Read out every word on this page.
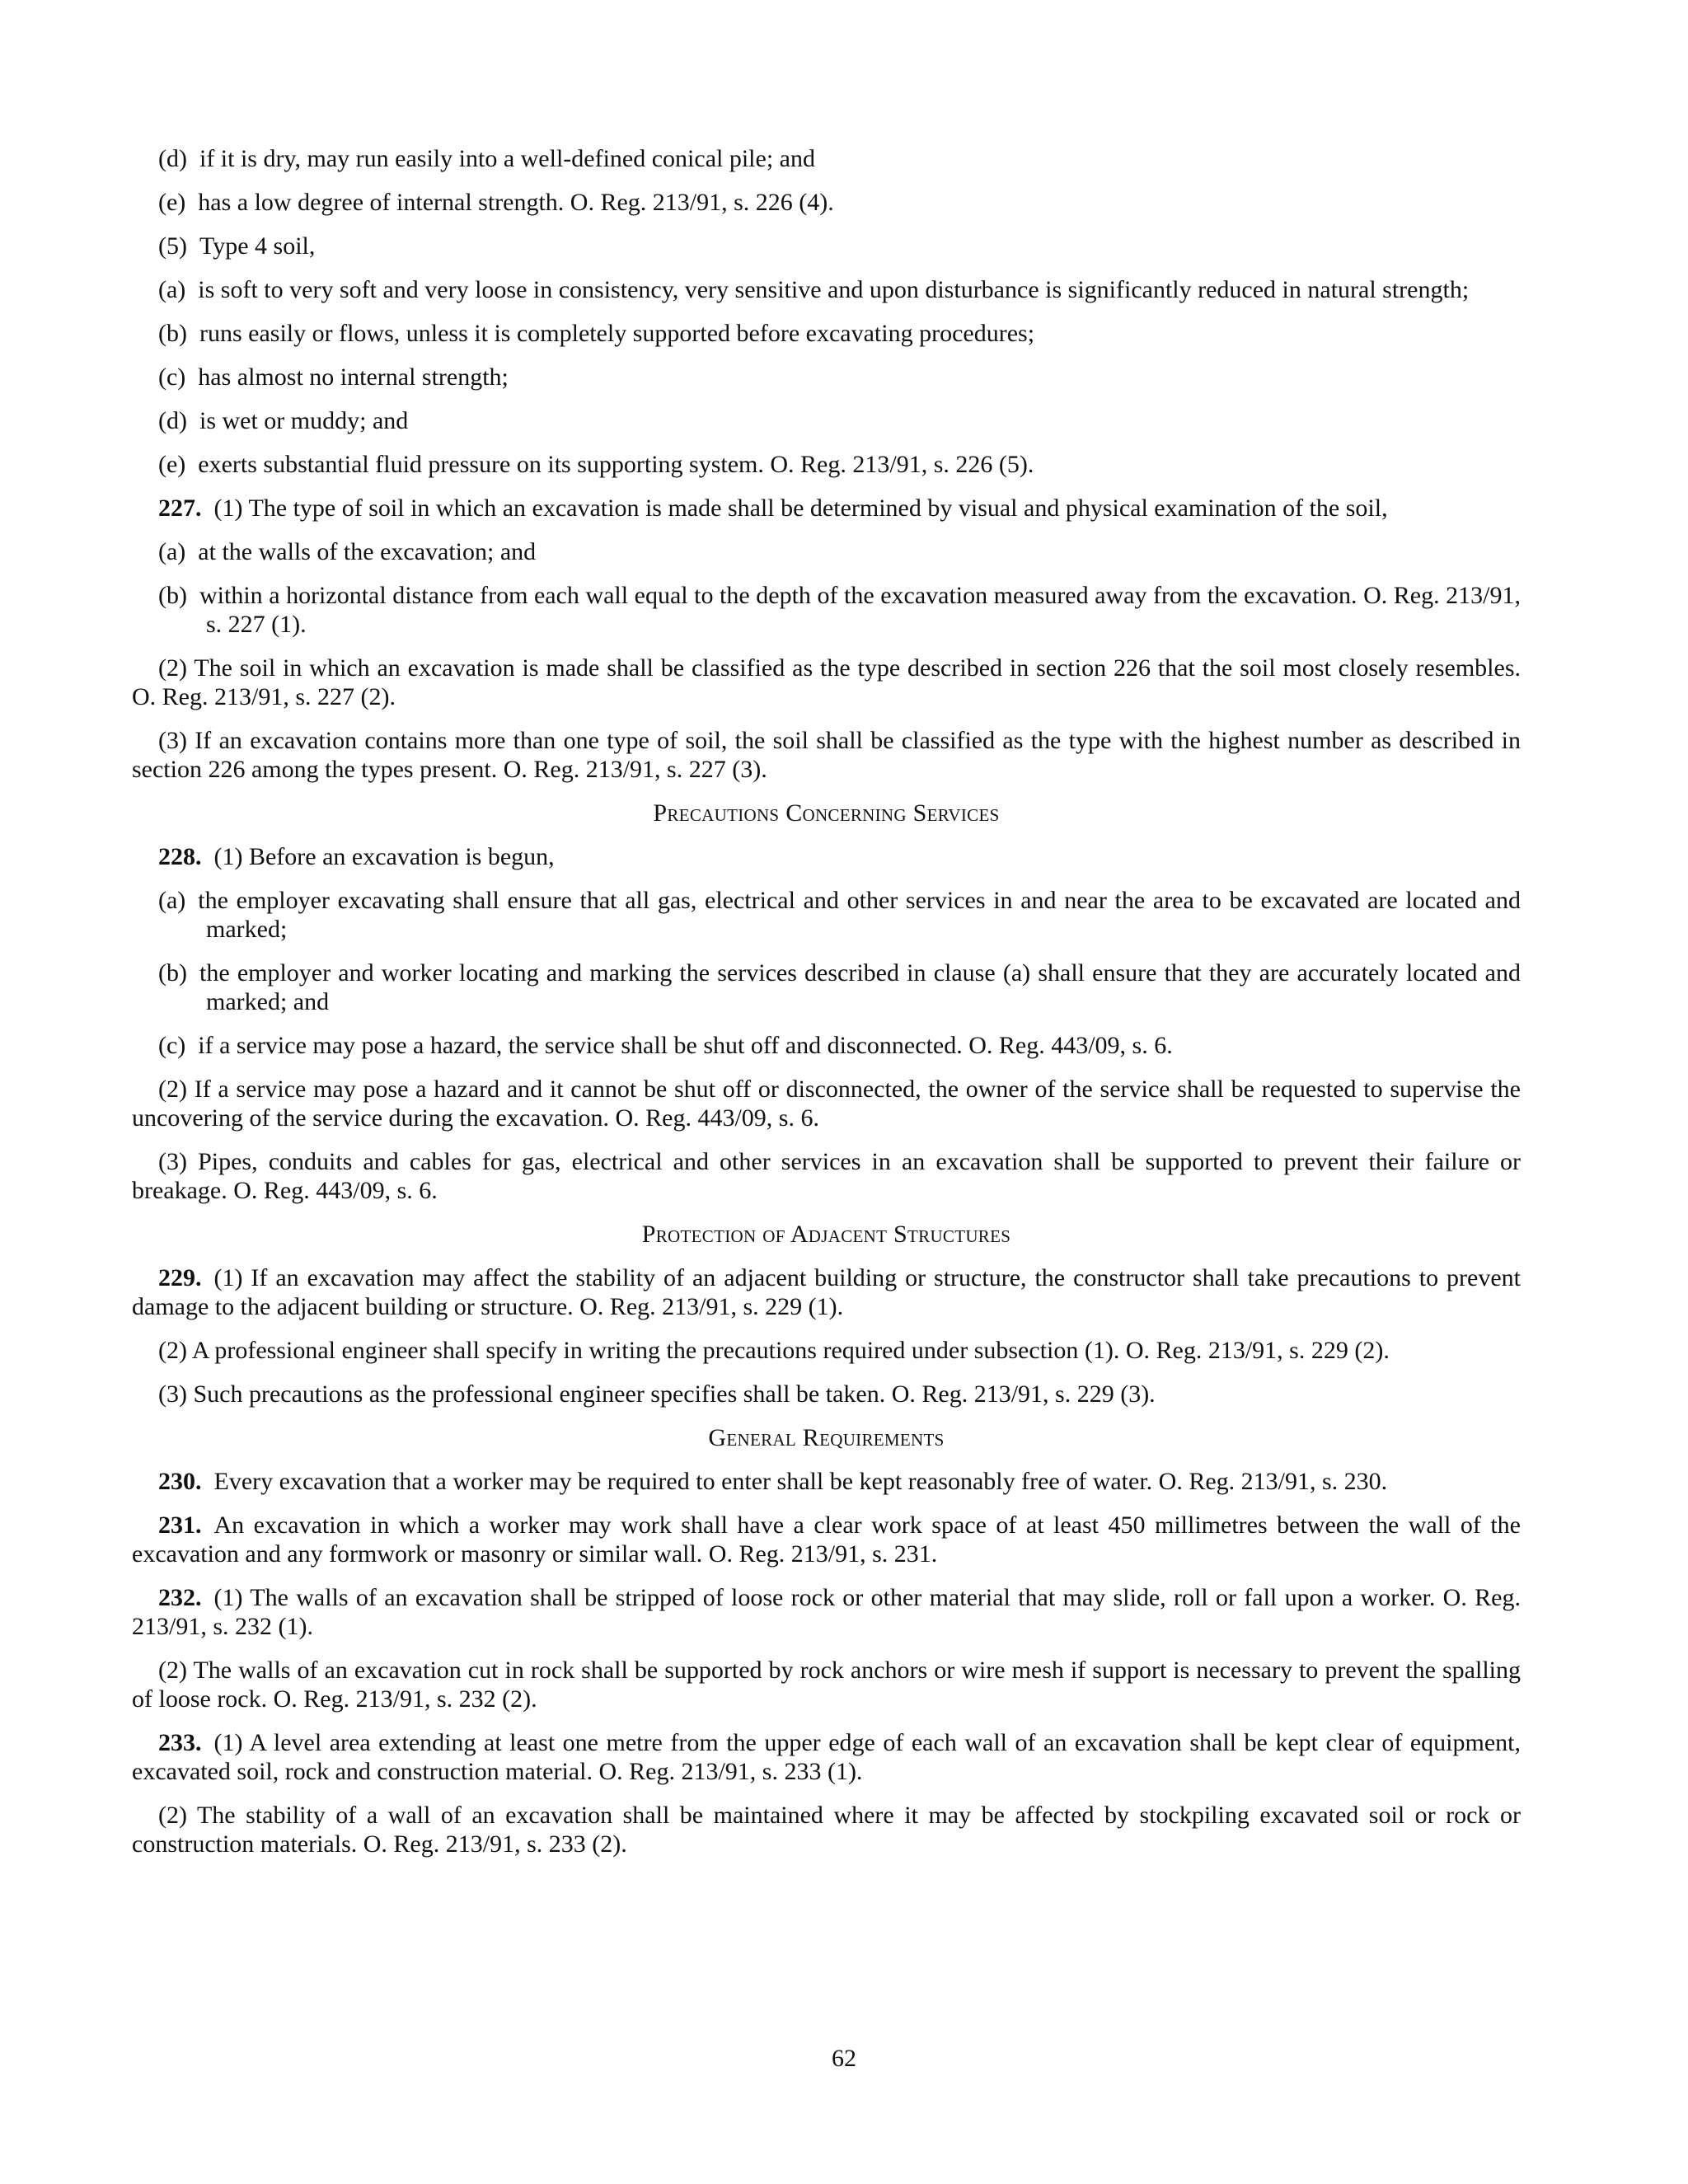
(d) if it is dry, may run easily into a well-defined conical pile; and

(e) has a low degree of internal strength. O. Reg. 213/91, s. 226 (4).

(5) Type 4 soil,

(a) is soft to very soft and very loose in consistency, very sensitive and upon disturbance is significantly reduced in natural strength;

(b) runs easily or flows, unless it is completely supported before excavating procedures;

(c) has almost no internal strength;

(d) is wet or muddy; and

(e) exerts substantial fluid pressure on its supporting system. O. Reg. 213/91, s. 226 (5).

227.  (1) The type of soil in which an excavation is made shall be determined by visual and physical examination of the soil,

(a) at the walls of the excavation; and

(b) within a horizontal distance from each wall equal to the depth of the excavation measured away from the excavation. O. Reg. 213/91, s. 227 (1).

(2) The soil in which an excavation is made shall be classified as the type described in section 226 that the soil most closely resembles. O. Reg. 213/91, s. 227 (2).

(3) If an excavation contains more than one type of soil, the soil shall be classified as the type with the highest number as described in section 226 among the types present. O. Reg. 213/91, s. 227 (3).

Precautions Concerning Services

228.  (1) Before an excavation is begun,

(a) the employer excavating shall ensure that all gas, electrical and other services in and near the area to be excavated are located and marked;

(b) the employer and worker locating and marking the services described in clause (a) shall ensure that they are accurately located and marked; and

(c) if a service may pose a hazard, the service shall be shut off and disconnected. O. Reg. 443/09, s. 6.

(2) If a service may pose a hazard and it cannot be shut off or disconnected, the owner of the service shall be requested to supervise the uncovering of the service during the excavation. O. Reg. 443/09, s. 6.

(3) Pipes, conduits and cables for gas, electrical and other services in an excavation shall be supported to prevent their failure or breakage. O. Reg. 443/09, s. 6.

Protection of Adjacent Structures

229.  (1) If an excavation may affect the stability of an adjacent building or structure, the constructor shall take precautions to prevent damage to the adjacent building or structure. O. Reg. 213/91, s. 229 (1).

(2) A professional engineer shall specify in writing the precautions required under subsection (1). O. Reg. 213/91, s. 229 (2).

(3) Such precautions as the professional engineer specifies shall be taken. O. Reg. 213/91, s. 229 (3).

General Requirements

230.  Every excavation that a worker may be required to enter shall be kept reasonably free of water. O. Reg. 213/91, s. 230.

231.  An excavation in which a worker may work shall have a clear work space of at least 450 millimetres between the wall of the excavation and any formwork or masonry or similar wall. O. Reg. 213/91, s. 231.

232.  (1) The walls of an excavation shall be stripped of loose rock or other material that may slide, roll or fall upon a worker. O. Reg. 213/91, s. 232 (1).

(2) The walls of an excavation cut in rock shall be supported by rock anchors or wire mesh if support is necessary to prevent the spalling of loose rock. O. Reg. 213/91, s. 232 (2).

233.  (1) A level area extending at least one metre from the upper edge of each wall of an excavation shall be kept clear of equipment, excavated soil, rock and construction material. O. Reg. 213/91, s. 233 (1).

(2) The stability of a wall of an excavation shall be maintained where it may be affected by stockpiling excavated soil or rock or construction materials. O. Reg. 213/91, s. 233 (2).

62
